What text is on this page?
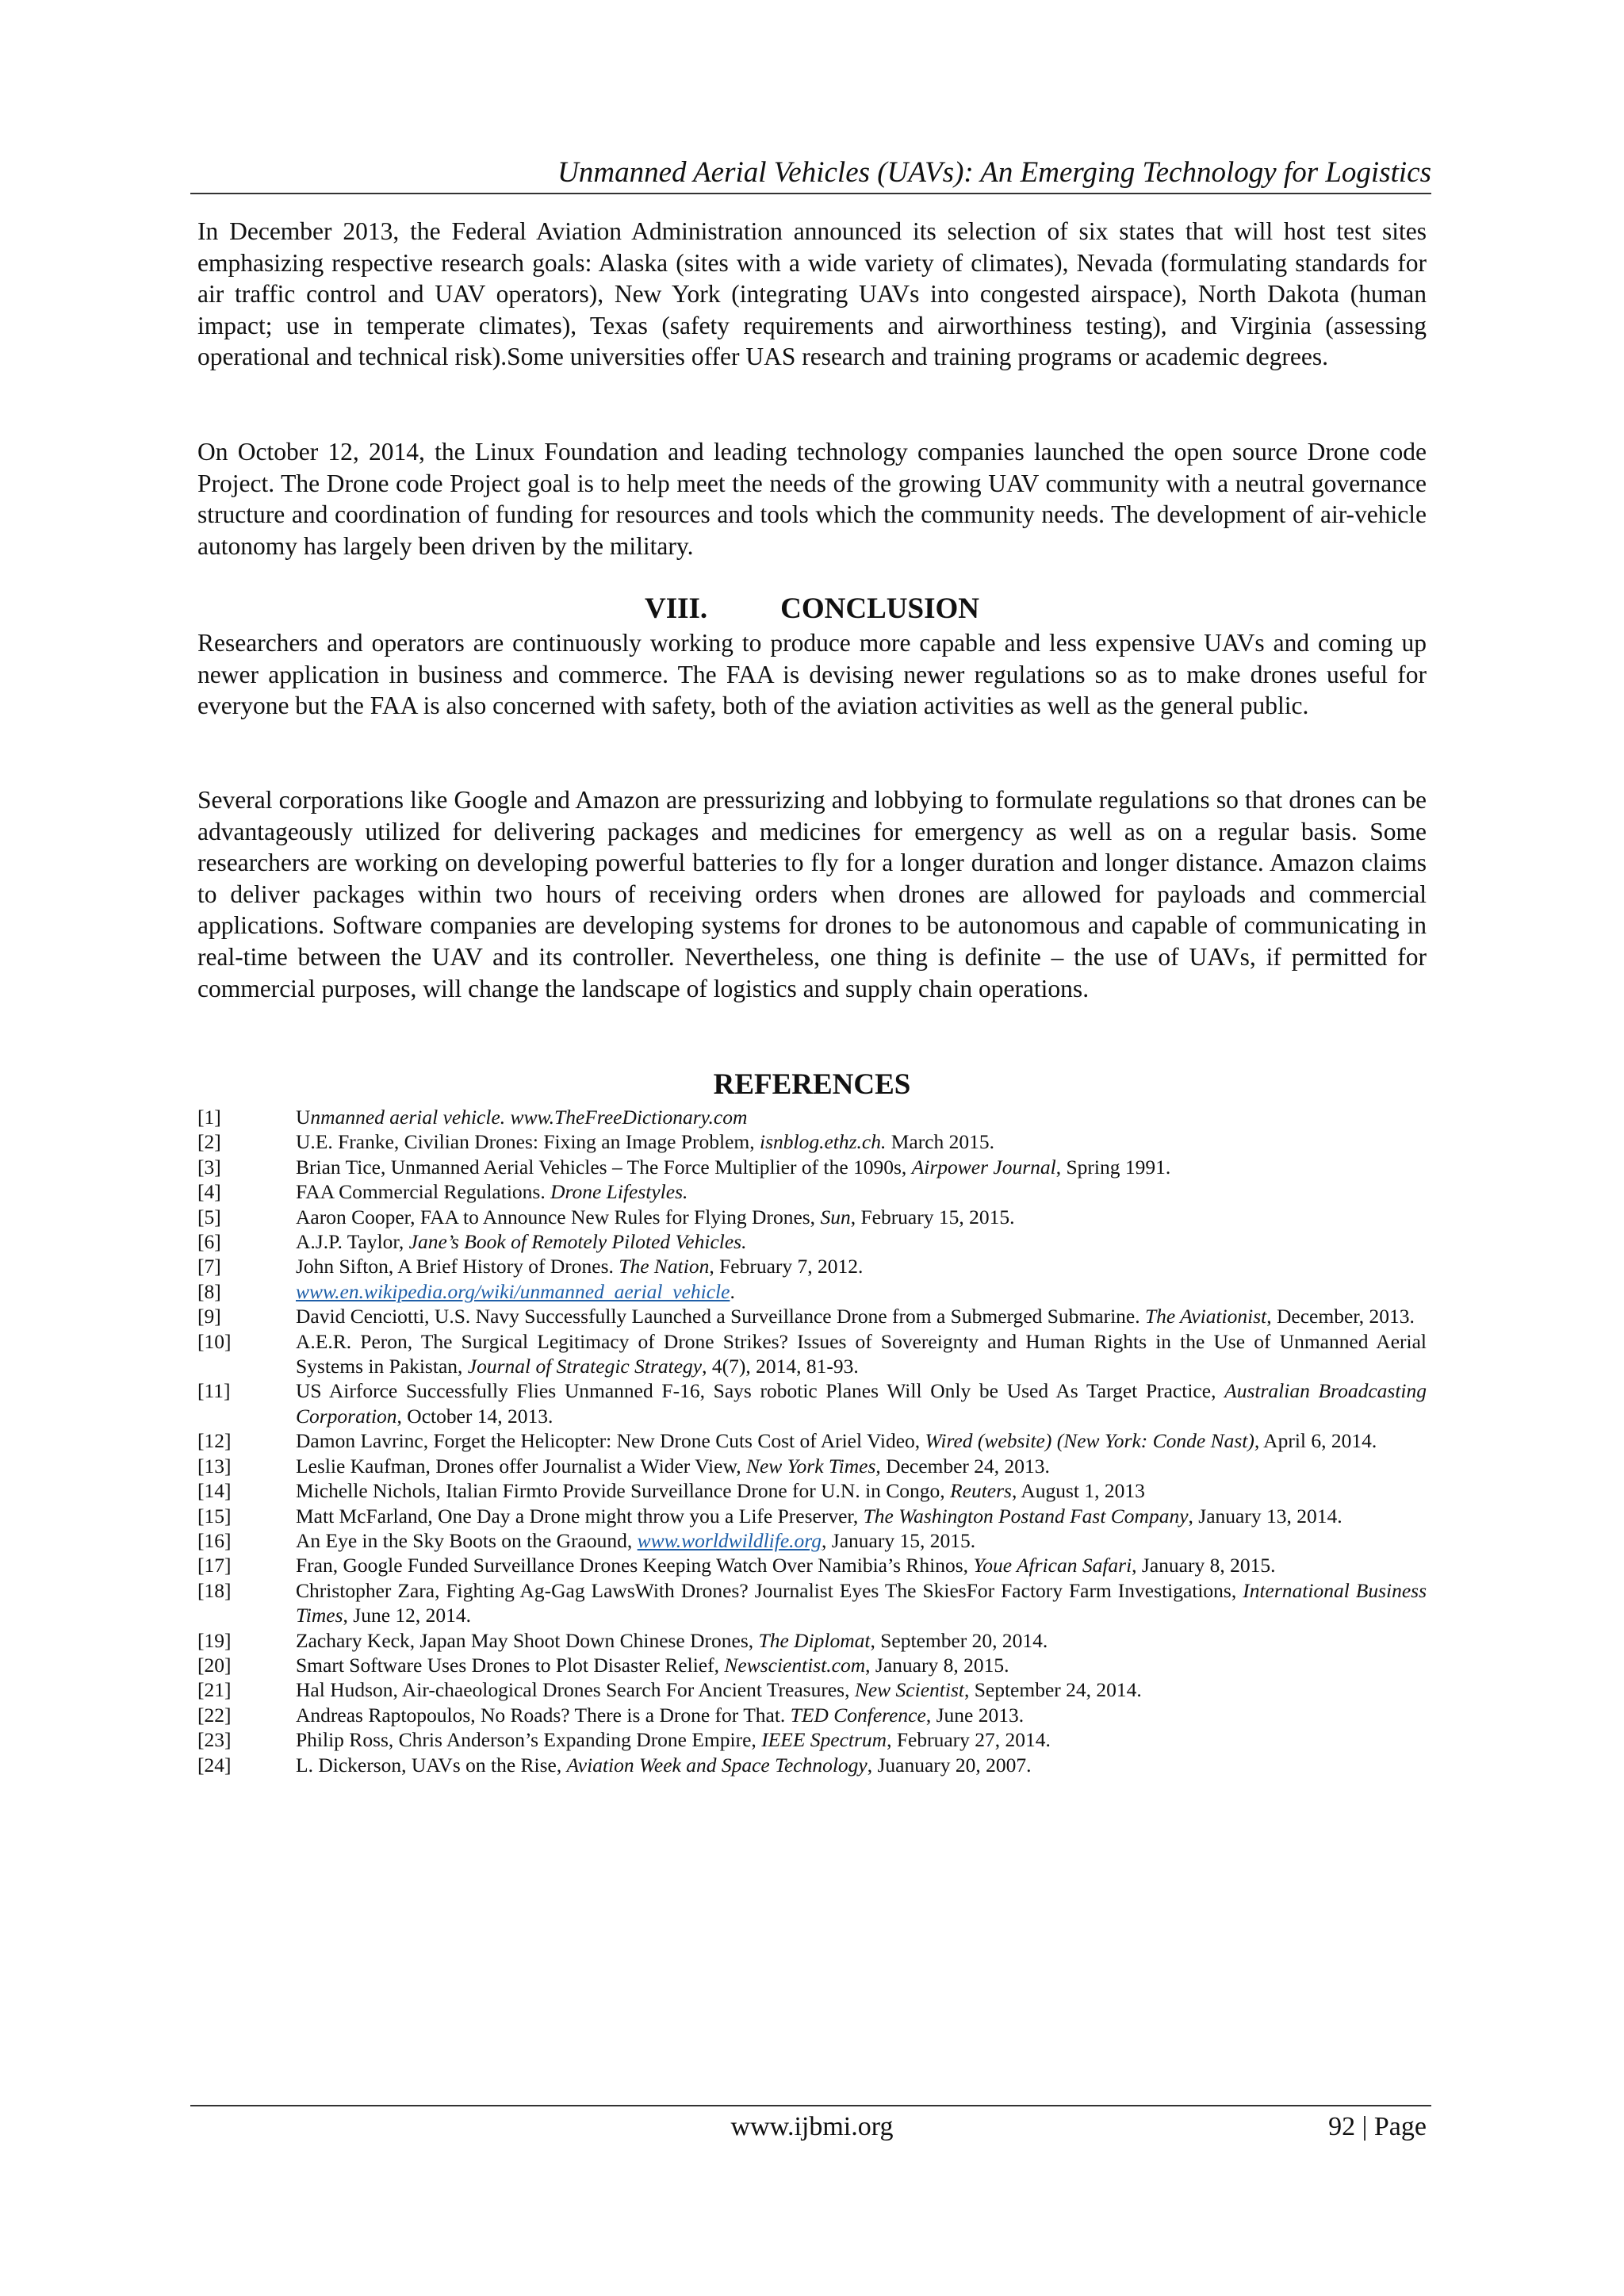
Unmanned Aerial Vehicles (UAVs): An Emerging Technology for Logistics

In December 2013, the Federal Aviation Administration announced its selection of six states that will host test sites emphasizing respective research goals: Alaska (sites with a wide variety of climates), Nevada (formulating standards for air traffic control and UAV operators), New York (integrating UAVs into congested airspace), North Dakota (human impact; use in temperate climates), Texas (safety requirements and airworthiness testing), and Virginia (assessing operational and technical risk).Some universities offer UAS research and training programs or academic degrees.

On October 12, 2014, the Linux Foundation and leading technology companies launched the open source Drone code Project. The Drone code Project goal is to help meet the needs of the growing UAV community with a neutral governance structure and coordination of funding for resources and tools which the community needs. The development of air-vehicle autonomy has largely been driven by the military.

VIII. CONCLUSION

Researchers and operators are continuously working to produce more capable and less expensive UAVs and coming up newer application in business and commerce. The FAA is devising newer regulations so as to make drones useful for everyone but the FAA is also concerned with safety, both of the aviation activities as well as the general public.

Several corporations like Google and Amazon are pressurizing and lobbying to formulate regulations so that drones can be advantageously utilized for delivering packages and medicines for emergency as well as on a regular basis. Some researchers are working on developing powerful batteries to fly for a longer duration and longer distance. Amazon claims to deliver packages within two hours of receiving orders when drones are allowed for payloads and commercial applications. Software companies are developing systems for drones to be autonomous and capable of communicating in real-time between the UAV and its controller. Nevertheless, one thing is definite – the use of UAVs, if permitted for commercial purposes, will change the landscape of logistics and supply chain operations.

REFERENCES
[1]	Unmanned aerial vehicle. www.TheFreeDictionary.com
[2]	U.E. Franke, Civilian Drones: Fixing an Image Problem, isnblog.ethz.ch. March 2015.
[3]	Brian Tice, Unmanned Aerial Vehicles – The Force Multiplier of the 1090s, Airpower Journal, Spring 1991.
[4]	FAA Commercial Regulations. Drone Lifestyles.
[5]	Aaron Cooper, FAA to Announce New Rules for Flying Drones, Sun, February 15, 2015.
[6]	A.J.P. Taylor, Jane’s Book of Remotely Piloted Vehicles.
[7]	John Sifton, A Brief History of Drones. The Nation, February 7, 2012.
[8]	www.en.wikipedia.org/wiki/unmanned_aerial_vehicle.
[9]	David Cenciotti, U.S. Navy Successfully Launched a Surveillance Drone from a Submerged Submarine. The Aviationist, December, 2013.
[10]	A.E.R. Peron, The Surgical Legitimacy of Drone Strikes? Issues of Sovereignty and Human Rights in the Use of Unmanned Aerial Systems in Pakistan, Journal of Strategic Strategy, 4(7), 2014, 81-93.
[11]	US Airforce Successfully Flies Unmanned F-16, Says robotic Planes Will Only be Used As Target Practice, Australian Broadcasting Corporation, October 14, 2013.
[12]	Damon Lavrinc, Forget the Helicopter: New Drone Cuts Cost of Ariel Video, Wired (website) (New York: Conde Nast), April 6, 2014.
[13]	Leslie Kaufman, Drones offer Journalist a Wider View, New York Times, December 24, 2013.
[14]	Michelle Nichols, Italian Firmto Provide Surveillance Drone for U.N. in Congo, Reuters, August 1, 2013
[15]	Matt McFarland, One Day a Drone might throw you a Life Preserver, The Washington Postand Fast Company, January 13, 2014.
[16]	An Eye in the Sky Boots on the Graound, www.worldwildlife.org, January 15, 2015.
[17]	Fran, Google Funded Surveillance Drones Keeping Watch Over Namibia’s Rhinos, Youe African Safari, January 8, 2015.
[18]	Christopher Zara, Fighting Ag-Gag LawsWith Drones? Journalist Eyes The SkiesFor Factory Farm Investigations, International Business Times, June 12, 2014.
[19]	Zachary Keck, Japan May Shoot Down Chinese Drones, The Diplomat, September 20, 2014.
[20]	Smart Software Uses Drones to Plot Disaster Relief, Newscientist.com, January 8, 2015.
[21]	Hal Hudson, Air-chaeological Drones Search For Ancient Treasures, New Scientist, September 24, 2014.
[22]	Andreas Raptopoulos, No Roads? There is a Drone for That. TED Conference, June 2013.
[23]	Philip Ross, Chris Anderson’s Expanding Drone Empire, IEEE Spectrum, February 27, 2014.
[24]	L. Dickerson, UAVs on the Rise, Aviation Week and Space Technology, Juanuary 20, 2007.
www.ijbmi.org	92 | Page
